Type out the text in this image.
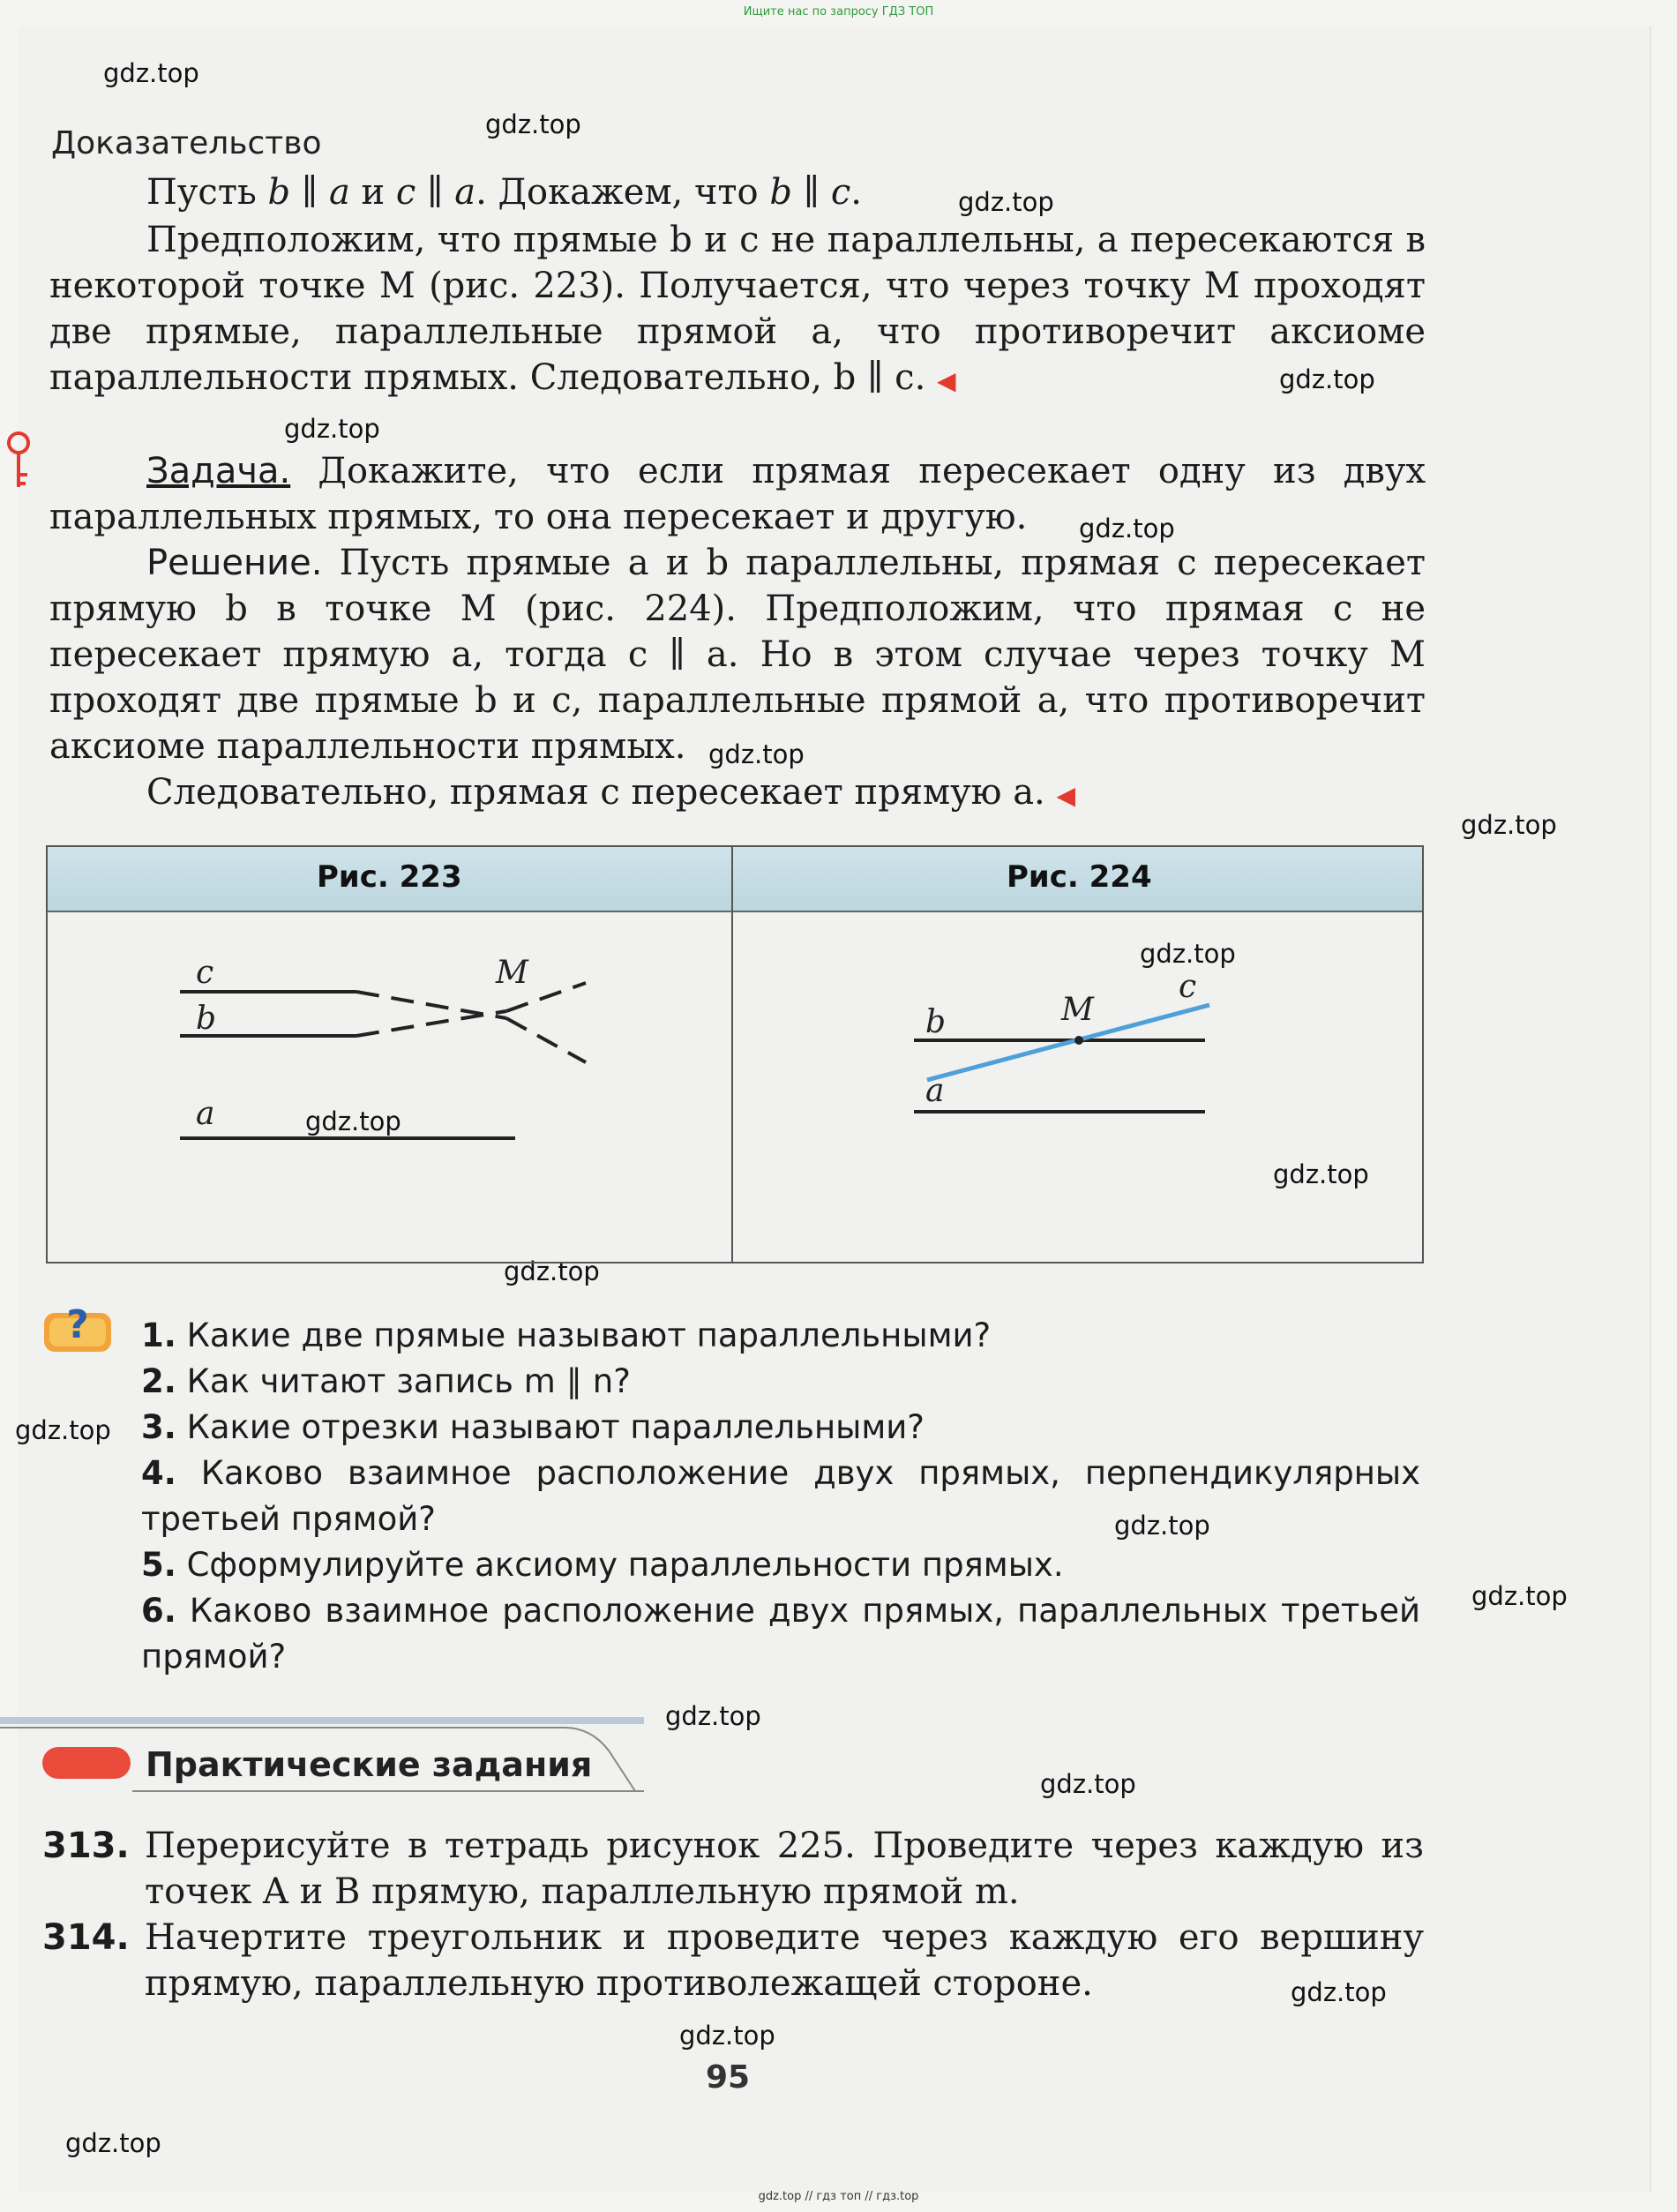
Ищите нас по запросу ГДЗ ТОП
gdz.top
gdz.top
gdz.top
gdz.top
gdz.top
gdz.top
gdz.top
gdz.top
gdz.top
gdz.top
gdz.top
gdz.top
gdz.top
gdz.top
gdz.top
gdz.top
gdz.top
gdz.top
gdz.top
gdz.top
Доказательство
Пусть b ∥ a и c ∥ a. Докажем, что b ∥ c.
Предположим, что прямые b и c не параллельны, а пересекаются в некоторой точке M (рис. 223). Получается, что через точку M проходят две прямые, параллельные прямой a, что противоречит аксиоме параллельности прямых. Следовательно, b ∥ c. ◀
Задача. Докажите, что если прямая пересекает одну из двух параллельных прямых, то она пересекает и другую.
Решение. Пусть прямые a и b параллельны, прямая c пересекает прямую b в точке M (рис. 224). Предположим, что прямая c не пересекает прямую a, тогда c ∥ a. Но в этом случае через точку M проходят две прямые b и c, параллельные прямой a, что противоречит аксиоме параллельности прямых.
Следовательно, прямая c пересекает прямую a. ◀
Рис. 223	Рис. 224
c
b
a
M
b
a
c
M
? 1. Какие две прямые называют параллельными?

2. Как читают запись m ∥ n?

3. Какие отрезки называют параллельными?

4. Каково взаимное расположение двух прямых, перпендикулярных третьей прямой?

5. Сформулируйте аксиому параллельности прямых.

6. Каково взаимное расположение двух прямых, параллельных третьей прямой?

Практические задания
313. Перерисуйте в тетрадь рисунок 225. Проведите через каждую из точек A и B прямую, параллельную прямой m.
314. Начертите треугольник и проведите через каждую его вершину прямую, параллельную противолежащей стороне.
95
gdz.top // гдз топ // гдз.top
